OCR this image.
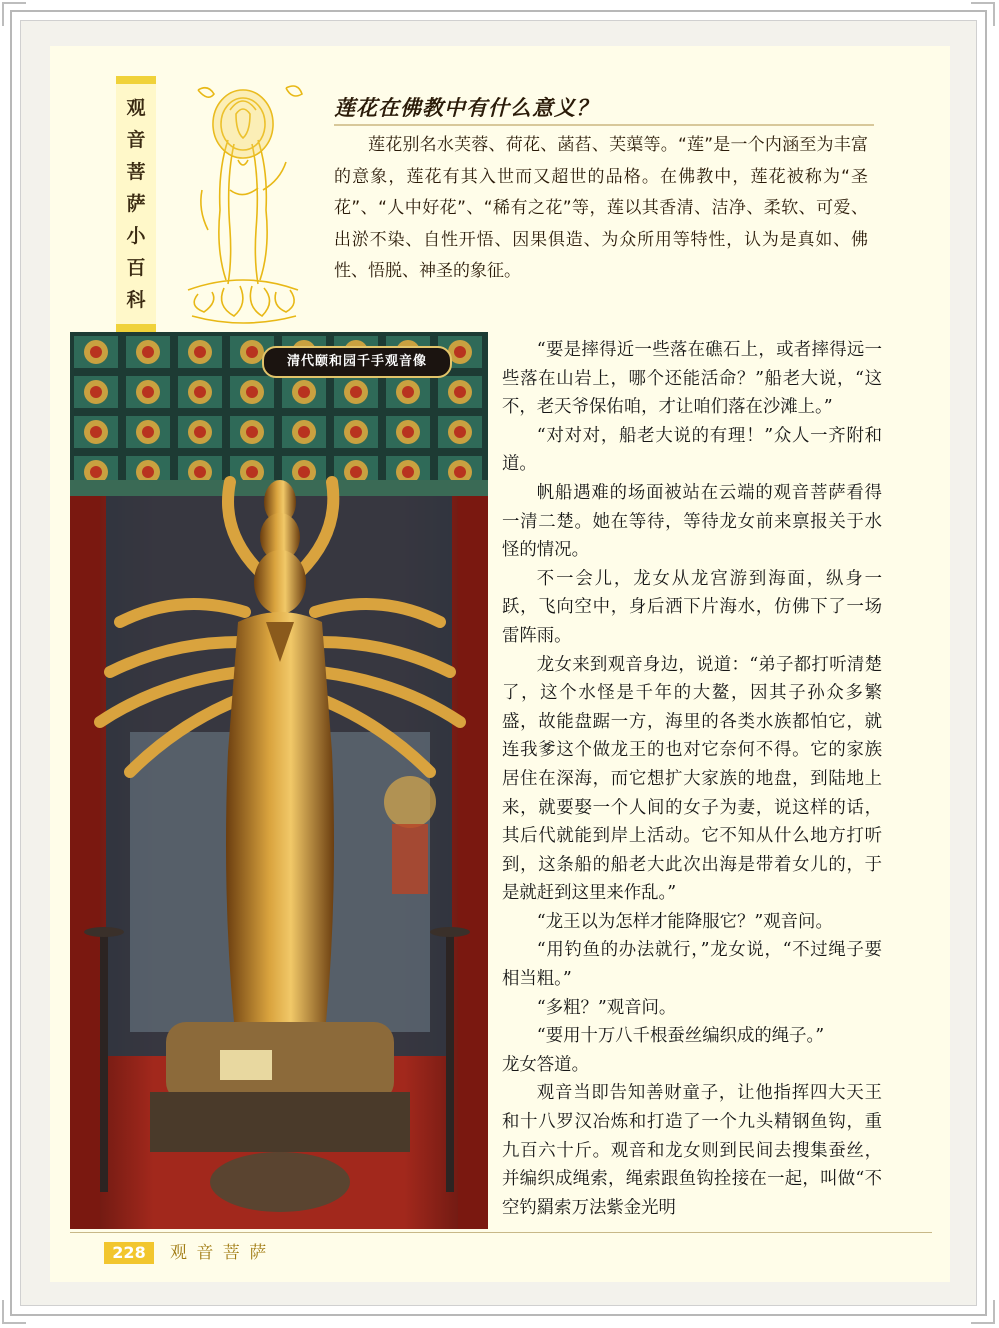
观
音
菩
萨
小
百
科
莲花在佛教中有什么意义？

莲花别名水芙蓉、荷花、菡萏、芙蕖等。“莲”是一个内涵至为丰富的意象，莲花有其入世而又超世的品格。在佛教中，莲花被称为“圣花”、“人中好花”、“稀有之花”等，莲以其香清、洁净、柔软、可爱、出淤不染、自性开悟、因果俱造、为众所用等特性，认为是真如、佛性、悟脱、神圣的象征。

清代颐和园千手观音像

“要是摔得近一些落在礁石上，或者摔得远一些落在山岩上，哪个还能活命？”船老大说，“这不，老天爷保佑咱，才让咱们落在沙滩上。”

“对对对，船老大说的有理！”众人一齐附和道。

帆船遇难的场面被站在云端的观音菩萨看得一清二楚。她在等待，等待龙女前来禀报关于水怪的情况。

不一会儿，龙女从龙宫游到海面，纵身一跃，飞向空中，身后洒下片海水，仿佛下了一场雷阵雨。

龙女来到观音身边，说道：“弟子都打听清楚了，这个水怪是千年的大鳌，因其子孙众多繁盛，故能盘踞一方，海里的各类水族都怕它，就连我爹这个做龙王的也对它奈何不得。它的家族居住在深海，而它想扩大家族的地盘，到陆地上来，就要娶一个人间的女子为妻，说这样的话，其后代就能到岸上活动。它不知从什么地方打听到，这条船的船老大此次出海是带着女儿的，于是就赶到这里来作乱。”

“龙王以为怎样才能降服它？”观音问。

“用钓鱼的办法就行，”龙女说，“不过绳子要相当粗。”

“多粗？”观音问。

“要用十万八千根蚕丝编织成的绳子。”

龙女答道。

观音当即告知善财童子，让他指挥四大天王和十八罗汉冶炼和打造了一个九头精钢鱼钩，重九百六十斤。观音和龙女则到民间去搜集蚕丝，并编织成绳索，绳索跟鱼钩拴接在一起，叫做“不空钓羂索万法紫金光明

228	观 音 菩 萨
